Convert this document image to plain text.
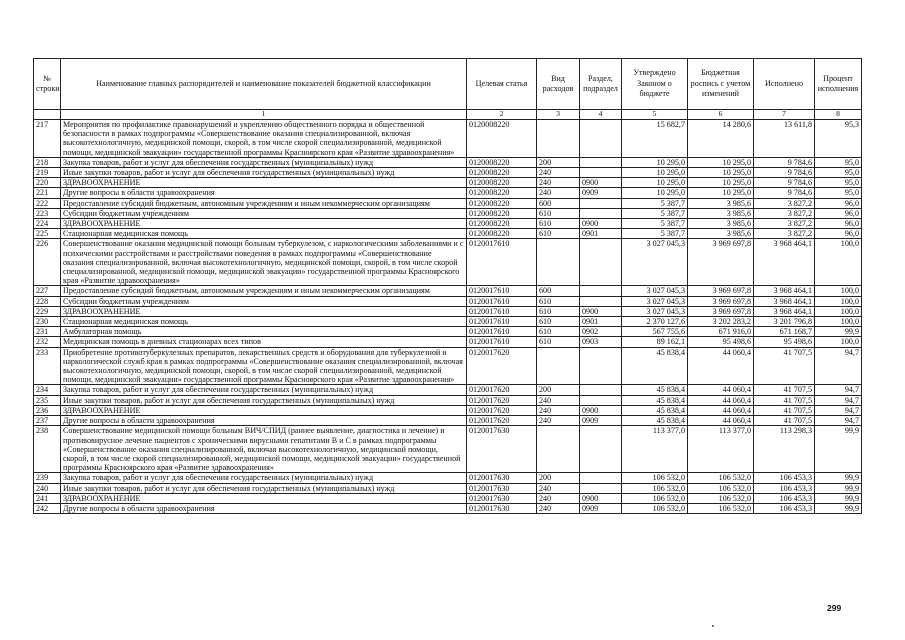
№ строки	Наименование главных распорядителей и наименование показателей бюджетной классификации	Целевая статья	Вид расходов	Раздел, подраздел	Утверждено Законом о бюджете	Бюджетная роспись с учетом изменений	Исполнено	Процент исполнения
	1	2	3	4	5	6	7	8
217	Мероприятия по профилактике правонарушений и укреплению общественного порядка и общественной безопасности в рамках подпрограммы «Совершенствование оказания специализированной, включая высокотехнологичную, медицинской помощи, скорой, в том числе скорой специализированной, медицинской помощи, медицинской эвакуации» государственной программы Красноярского края «Развитие здравоохранения»	0120008220			15 682,7	14 280,6	13 611,8	95,3
218	Закупка товаров, работ и услуг для обеспечения государственных (муниципальных) нужд	0120008220	200		10 295,0	10 295,0	9 784,6	95,0
219	Иные закупки товаров, работ и услуг для обеспечения государственных (муниципальных) нужд	0120008220	240		10 295,0	10 295,0	9 784,6	95,0
220	ЗДРАВООХРАНЕНИЕ	0120008220	240	0900	10 295,0	10 295,0	9 784,6	95,0
221	Другие вопросы в области здравоохранения	0120008220	240	0909	10 295,0	10 295,0	9 784,6	95,0
222	Предоставление субсидий бюджетным, автономным учреждениям и иным некоммерческим организациям	0120008220	600		5 387,7	3 985,6	3 827,2	96,0
223	Субсидии бюджетным учреждениям	0120008220	610		5 387,7	3 985,6	3 827,2	96,0
224	ЗДРАВООХРАНЕНИЕ	0120008220	610	0900	5 387,7	3 985,6	3 827,2	96,0
225	Стационарная медицинская помощь	0120008220	610	0901	5 387,7	3 985,6	3 827,2	96,0
226	Совершенствование оказания медицинской помощи больным туберкулезом, с наркологическими заболеваниями и с психическими расстройствами и расстройствами поведения в рамках подпрограммы «Совершенствование оказания специализированной, включая высокотехнологичную, медицинской помощи, скорой, в том числе скорой специализированной, медицинской помощи, медицинской эвакуации» государственной программы Красноярского края «Развитие здравоохранения»	0120017610			3 027 045,3	3 969 697,8	3 968 464,1	100,0
227	Предоставление субсидий бюджетным, автономным учреждениям и иным некоммерческим организациям	0120017610	600		3 027 045,3	3 969 697,8	3 968 464,1	100,0
228	Субсидии бюджетным учреждениям	0120017610	610		3 027 045,3	3 969 697,8	3 968 464,1	100,0
229	ЗДРАВООХРАНЕНИЕ	0120017610	610	0900	3 027 045,3	3 969 697,8	3 968 464,1	100,0
230	Стационарная медицинская помощь	0120017610	610	0901	2 370 127,6	3 202 283,2	3 201 796,8	100,0
231	Амбулаторная помощь	0120017610	610	0902	567 755,6	671 916,0	671 168,7	99,9
232	Медицинская помощь в дневных стационарах всех типов	0120017610	610	0903	89 162,1	95 498,6	95 498,6	100,0
233	Приобретение противотуберкулезных препаратов, лекарственных средств и оборудования для туберкулезной и наркологической служб края в рамках подпрограммы «Совершенствование оказания специализированной, включая высокотехнологичную, медицинской помощи, скорой, в том числе скорой специализированной, медицинской помощи, медицинской эвакуации» государственной программы Красноярского края «Развитие здравоохранения»	0120017620			45 838,4	44 060,4	41 707,5	94,7
234	Закупка товаров, работ и услуг для обеспечения государственных (муниципальных) нужд	0120017620	200		45 838,4	44 060,4	41 707,5	94,7
235	Иные закупки товаров, работ и услуг для обеспечения государственных (муниципальных) нужд	0120017620	240		45 838,4	44 060,4	41 707,5	94,7
236	ЗДРАВООХРАНЕНИЕ	0120017620	240	0900	45 838,4	44 060,4	41 707,5	94,7
237	Другие вопросы в области здравоохранения	0120017620	240	0909	45 838,4	44 060,4	41 707,5	94,7
238	Совершенствование медицинской помощи больным ВИЧ/СПИД (раннее выявление, диагностика и лечение) и противовирусное лечение пациентов с хроническими вирусными гепатитами В и С в рамках подпрограммы «Совершенствование оказания специализированной, включая высокотехнологичную, медицинской помощи, скорой, в том числе скорой специализированной, медицинской помощи, медицинской эвакуации» государственной программы Красноярского края «Развитие здравоохранения»	0120017630			113 377,0	113 377,0	113 298,3	99,9
239	Закупка товаров, работ и услуг для обеспечения государственных (муниципальных) нужд	0120017630	200		106 532,0	106 532,0	106 453,3	99,9
240	Иные закупки товаров, работ и услуг для обеспечения государственных (муниципальных) нужд	0120017630	240		106 532,0	106 532,0	106 453,3	99,9
241	ЗДРАВООХРАНЕНИЕ	0120017630	240	0900	106 532,0	106 532,0	106 453,3	99,9
242	Другие вопросы в области здравоохранения	0120017630	240	0909	106 532,0	106 532,0	106 453,3	99,9
299
